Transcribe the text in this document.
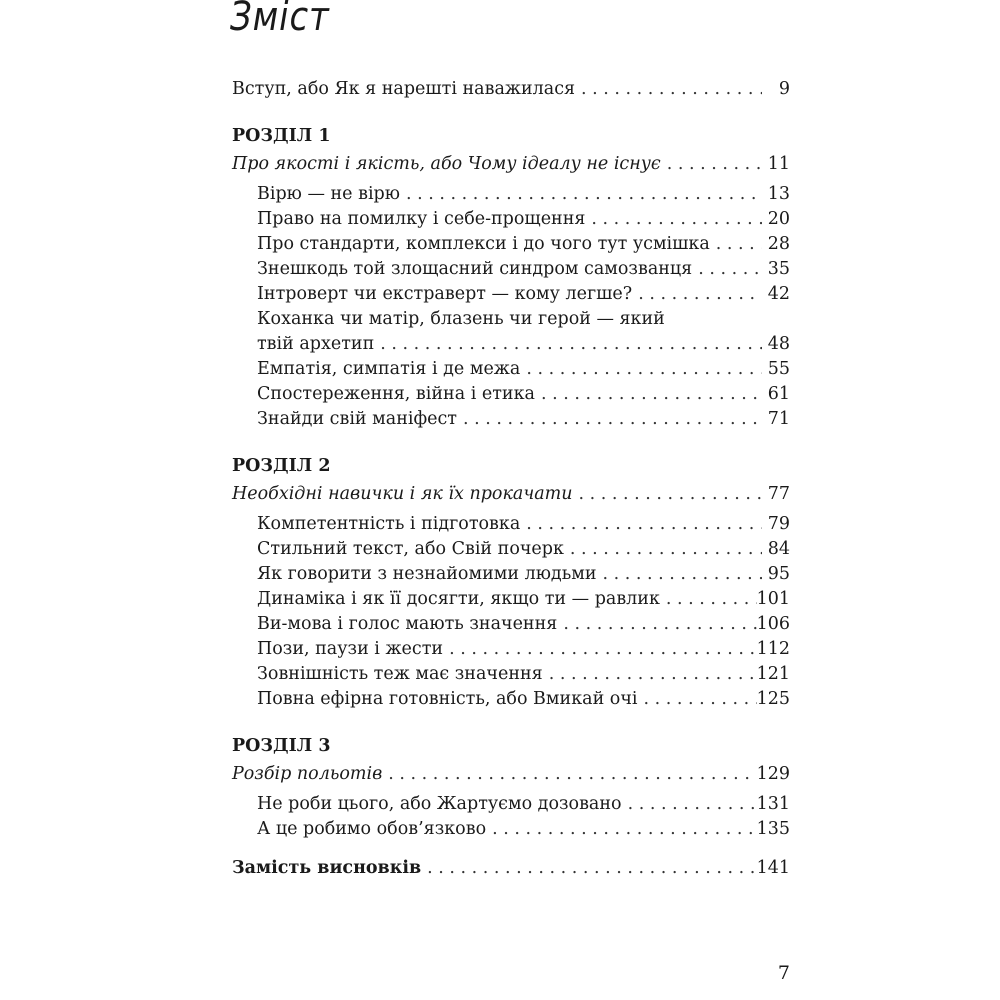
Зміст
Вступ, або Як я нарешті наважилася . . .	9
РОЗДІЛ 1
Про якості і якість, або Чому ідеалу не існує . . .	11
Вірю — не вірю . . .	13
Право на помилку і себе-прощення . . .	20
Про стандарти, комплекси і до чого тут усмішка . . .	28
Знешкодь той злощасний синдром самозванця . . .	35
Інтроверт чи екстраверт — кому легше? . . .	42
Коханка чи матір, блазень чи герой — який
твій архетип . . .	48
Емпатія, симпатія і де межа . . .	55
Спостереження, війна і етика . . .	61
Знайди свій маніфест . . .	71
РОЗДІЛ 2
Необхідні навички і як їх прокачати . . .	77
Компетентність і підготовка . . .	79
Стильний текст, або Свій почерк . . .	84
Як говорити з незнайомими людьми . . .	95
Динаміка і як її досягти, якщо ти — равлик . . .	101
Ви-мова і голос мають значення . . .	106
Пози, паузи і жести . . .	112
Зовнішність теж має значення . . .	121
Повна ефірна готовність, або Вмикай очі . . .	125
РОЗДІЛ 3
Розбір польотів . . .	129
Не роби цього, або Жартуємо дозовано . . .	131
А це робимо обов’язково . . .	135
Замість висновків . . .	141
7
